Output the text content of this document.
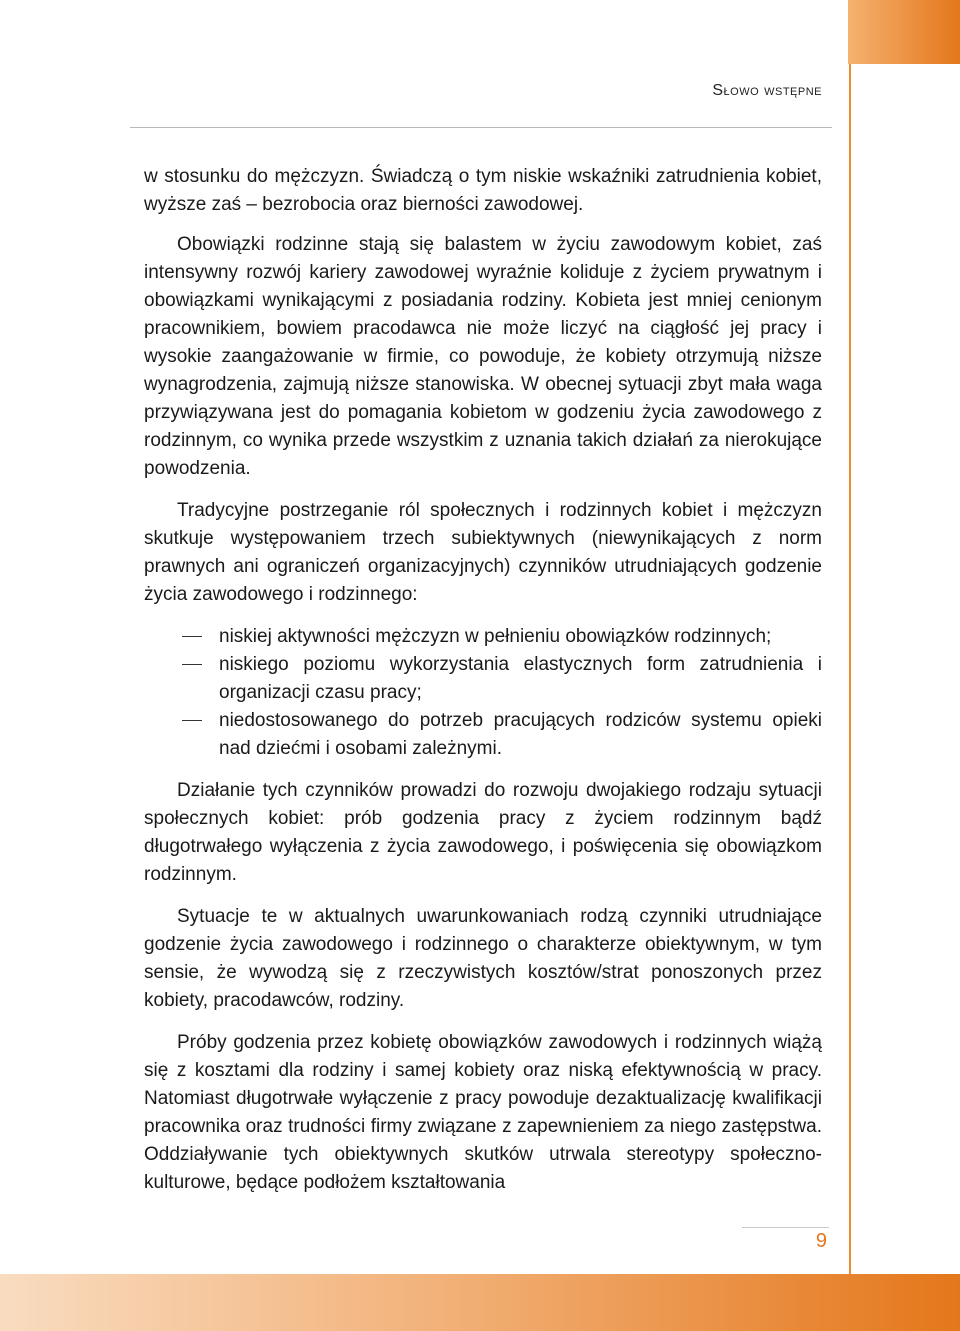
Słowo wstępne

w stosunku do mężczyzn. Świadczą o tym niskie wskaźniki zatrudnienia kobiet, wyższe zaś – bezrobocia oraz bierności zawodowej.

Obowiązki rodzinne stają się balastem w życiu zawodowym kobiet, zaś intensywny rozwój kariery zawodowej wyraźnie koliduje z życiem prywatnym i obowiązkami wynikającymi z posiadania rodziny. Kobieta jest mniej cenionym pracownikiem, bowiem pracodawca nie może liczyć na ciągłość jej pracy i wysokie zaangażowanie w firmie, co powoduje, że kobiety otrzymują niższe wynagrodzenia, zajmują niższe stanowiska. W obecnej sytuacji zbyt mała waga przywiązywana jest do pomagania kobietom w godzeniu życia zawodowego z rodzinnym, co wynika przede wszystkim z uznania takich działań za nierokujące powodzenia.

Tradycyjne postrzeganie ról społecznych i rodzinnych kobiet i mężczyzn skutkuje występowaniem trzech subiektywnych (niewynikających z norm prawnych ani ograniczeń organizacyjnych) czynników utrudniających godzenie życia zawodowego i rodzinnego:

niskiej aktywności mężczyzn w pełnieniu obowiązków rodzinnych;
niskiego poziomu wykorzystania elastycznych form zatrudnienia i organizacji czasu pracy;
niedostosowanego do potrzeb pracujących rodziców systemu opieki nad dziećmi i osobami zależnymi.

Działanie tych czynników prowadzi do rozwoju dwojakiego rodzaju sytuacji społecznych kobiet: prób godzenia pracy z życiem rodzinnym bądź długotrwałego wyłączenia z życia zawodowego, i poświęcenia się obowiązkom rodzinnym.

Sytuacje te w aktualnych uwarunkowaniach rodzą czynniki utrudniające godzenie życia zawodowego i rodzinnego o charakterze obiektywnym, w tym sensie, że wywodzą się z rzeczywistych kosztów/strat ponoszonych przez kobiety, pracodawców, rodziny.

Próby godzenia przez kobietę obowiązków zawodowych i rodzinnych wiążą się z kosztami dla rodziny i samej kobiety oraz niską efektywnością w pracy. Natomiast długotrwałe wyłączenie z pracy powoduje dezaktualizację kwalifikacji pracownika oraz trudności firmy związane z zapewnieniem za niego zastępstwa. Oddziaływanie tych obiektywnych skutków utrwala stereotypy społeczno-kulturowe, będące podłożem kształtowania

9
